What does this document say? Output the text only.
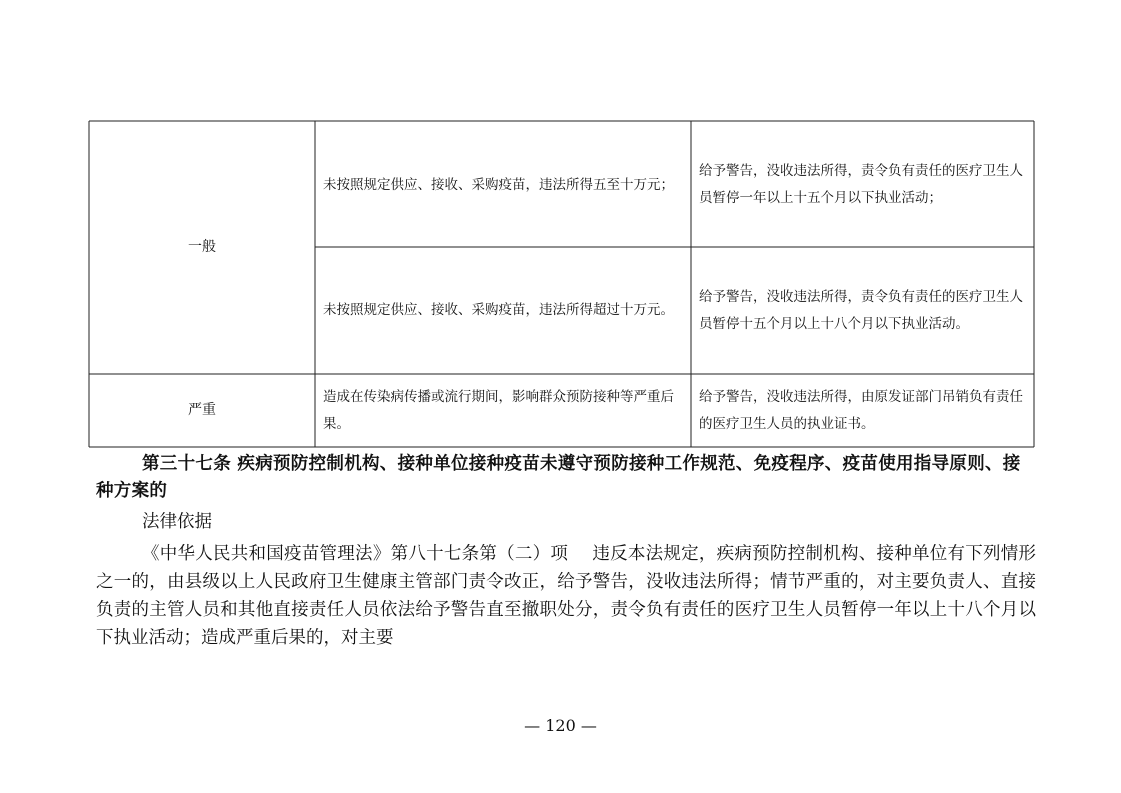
一般
未按照规定供应、接收、采购疫苗，违法所得五至十万元；
给予警告，没收违法所得，责令负有责任的医疗卫生人员暂停一年以上十五个月以下执业活动；
未按照规定供应、接收、采购疫苗，违法所得超过十万元。
给予警告，没收违法所得，责令负有责任的医疗卫生人员暂停十五个月以上十八个月以下执业活动。
严重
造成在传染病传播或流行期间，影响群众预防接种等严重后果。
给予警告，没收违法所得，由原发证部门吊销负有责任的医疗卫生人员的执业证书。

第三十七条 疾病预防控制机构、接种单位接种疫苗未遵守预防接种工作规范、免疫程序、疫苗使用指导原则、接种方案的

法律依据

《中华人民共和国疫苗管理法》第八十七条第（二）项 违反本法规定，疾病预防控制机构、接种单位有下列情形之一的，由县级以上人民政府卫生健康主管部门责令改正，给予警告，没收违法所得；情节严重的，对主要负责人、直接负责的主管人员和其他直接责任人员依法给予警告直至撤职处分，责令负有责任的医疗卫生人员暂停一年以上十八个月以下执业活动；造成严重后果的，对主要

— 120 —
